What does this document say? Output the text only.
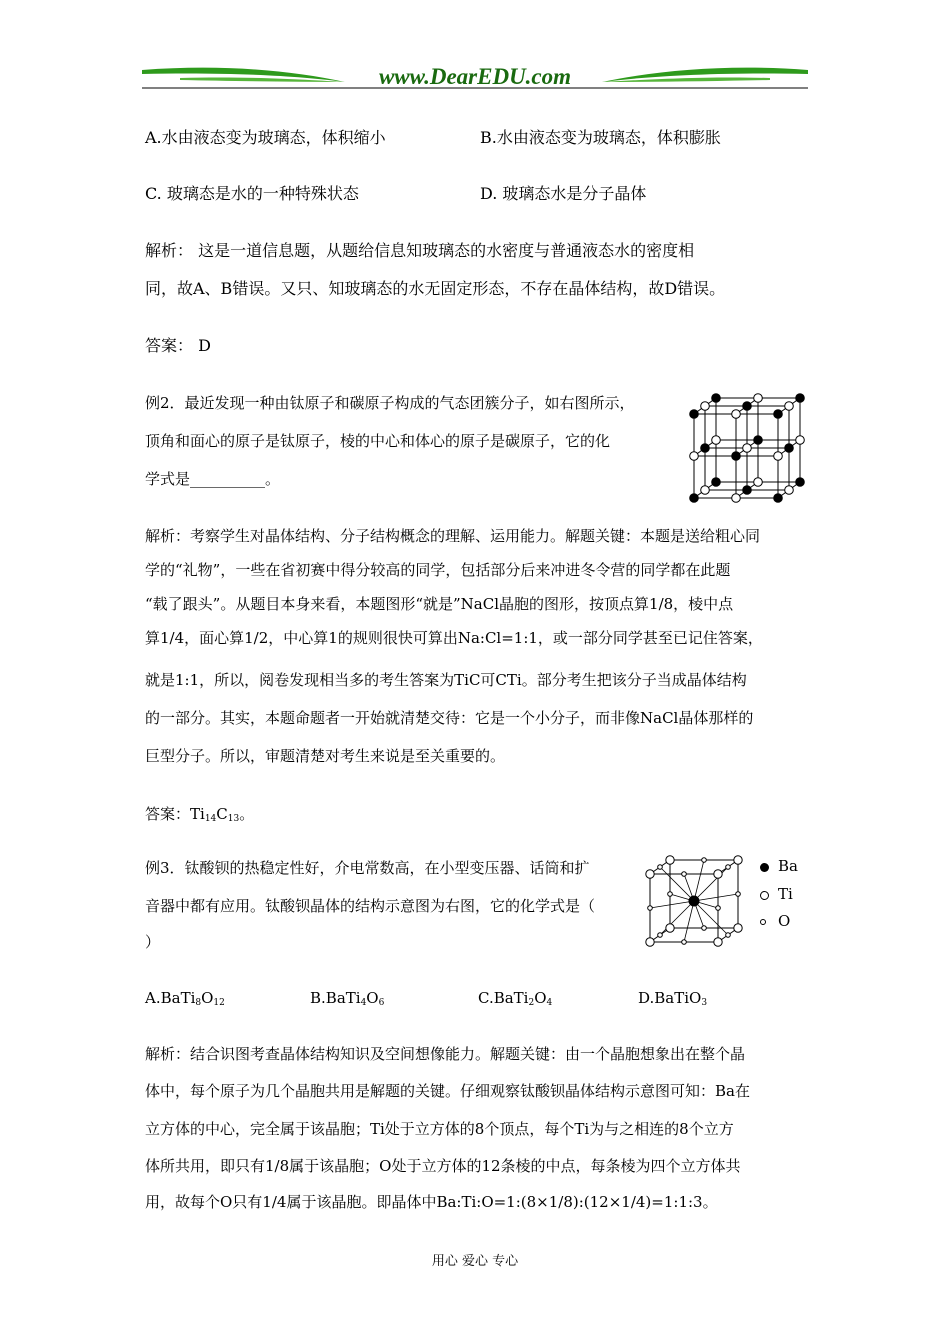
www.DearEDU.com
A.水由液态变为玻璃态，体积缩小	B.水由液态变为玻璃态，体积膨胀
C. 玻璃态是水的一种特殊状态	D. 玻璃态水是分子晶体
解析： 这是一道信息题，从题给信息知玻璃态的水密度与普通液态水的密度相
同，故A、B错误。又只、知玻璃态的水无固定形态，不存在晶体结构，故D错误。
答案： D
例2．最近发现一种由钛原子和碳原子构成的气态团簇分子，如右图所示，
顶角和面心的原子是钛原子，棱的中心和体心的原子是碳原子，它的化
学式是__________。
解析：考察学生对晶体结构、分子结构概念的理解、运用能力。解题关键：本题是送给粗心同
学的“礼物”，一些在省初赛中得分较高的同学，包括部分后来冲进冬令营的同学都在此题
“载了跟头”。从题目本身来看，本题图形“就是”NaCl晶胞的图形，按顶点算1/8，棱中点
算1/4，面心算1/2，中心算1的规则很快可算出Na:Cl=1:1，或一部分同学甚至已记住答案，
就是1:1，所以，阅卷发现相当多的考生答案为TiC可CTi。部分考生把该分子当成晶体结构
的一部分。其实，本题命题者一开始就清楚交待：它是一个小分子，而非像NaCl晶体那样的
巨型分子。所以，审题清楚对考生来说是至关重要的。
答案：$Ti_{14}C_{13}$。
例3．钛酸钡的热稳定性好，介电常数高，在小型变压器、话筒和扩
音器中都有应用。钛酸钡晶体的结构示意图为右图，它的化学式是（
）
Ba
Ti
O
$A.BaTi_8O_{12}$	$B.BaTi_4O_6$	$C.BaTi_2O_4$	D.BaTiO$_3$
解析：结合识图考查晶体结构知识及空间想像能力。解题关键：由一个晶胞想象出在整个晶
体中，每个原子为几个晶胞共用是解题的关键。仔细观察钛酸钡晶体结构示意图可知：Ba在
立方体的中心，完全属于该晶胞；Ti处于立方体的8个顶点，每个Ti为与之相连的8个立方
体所共用，即只有1/8属于该晶胞；O处于立方体的12条棱的中点，每条棱为四个立方体共
用，故每个O只有1/4属于该晶胞。即晶体中Ba:Ti:O=1:(8×1/8):(12×1/4)=1:1:3。
用心 爱心 专心
